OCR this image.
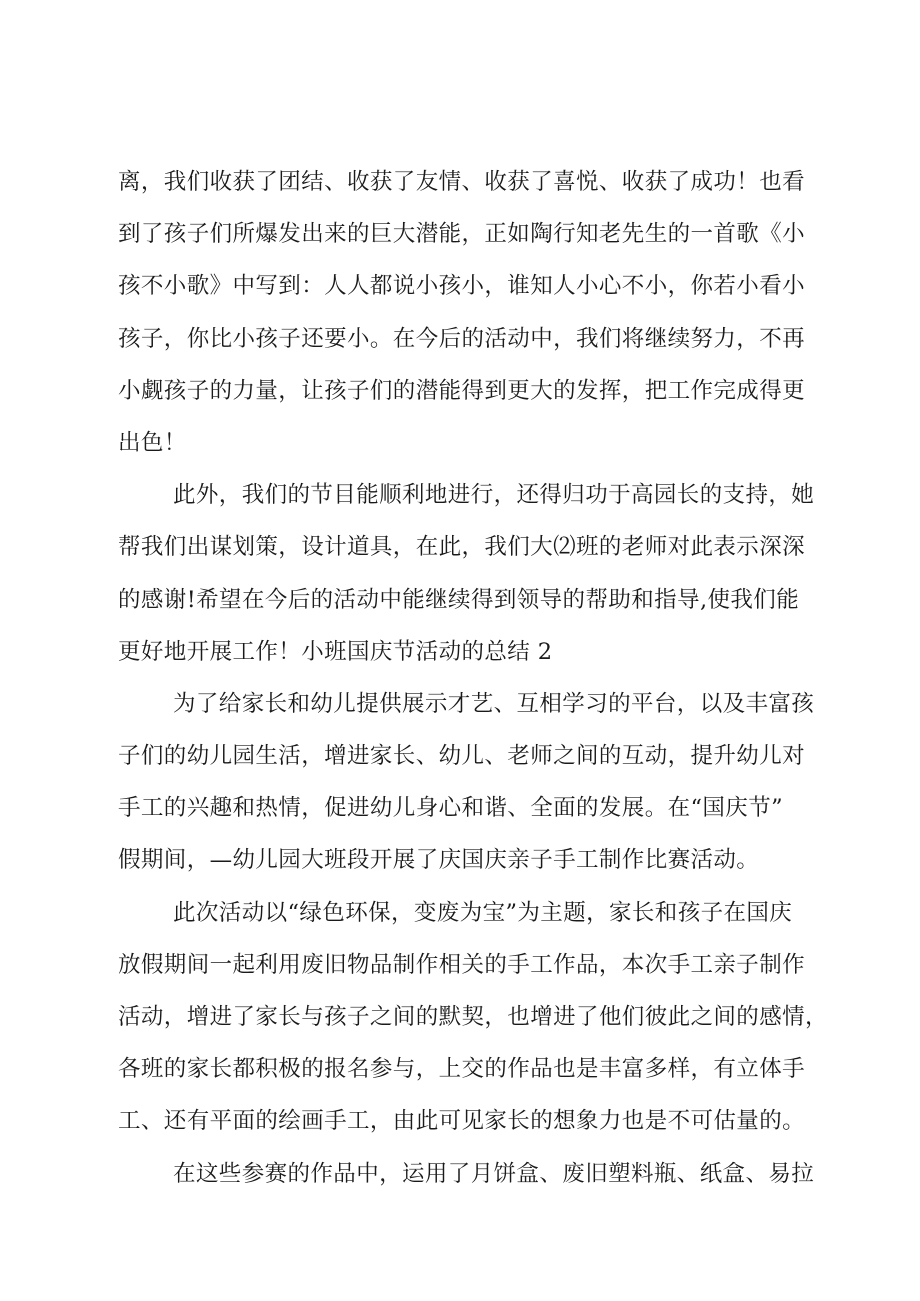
离，我们收获了团结、收获了友情、收获了喜悦、收获了成功！也看
到了孩子们所爆发出来的巨大潜能，正如陶行知老先生的一首歌《小
孩不小歌》中写到：人人都说小孩小，谁知人小心不小，你若小看小
孩子，你比小孩子还要小。在今后的活动中，我们将继续努力，不再
小觑孩子的力量，让孩子们的潜能得到更大的发挥，把工作完成得更
出色！
此外，我们的节目能顺利地进行，还得归功于高园长的支持，她
帮我们出谋划策，设计道具，在此，我们大⑵班的老师对此表示深深
的感谢!希望在今后的活动中能继续得到领导的帮助和指导,使我们能
更好地开展工作！小班国庆节活动的总结 2
为了给家长和幼儿提供展示才艺、互相学习的平台，以及丰富孩
子们的幼儿园生活，增进家长、幼儿、老师之间的互动，提升幼儿对
手工的兴趣和热情，促进幼儿身心和谐、全面的发展。在“国庆节”
假期间，—幼儿园大班段开展了庆国庆亲子手工制作比赛活动。
此次活动以“绿色环保，变废为宝”为主题，家长和孩子在国庆
放假期间一起利用废旧物品制作相关的手工作品，本次手工亲子制作
活动，增进了家长与孩子之间的默契，也增进了他们彼此之间的感情，
各班的家长都积极的报名参与，上交的作品也是丰富多样，有立体手
工、还有平面的绘画手工，由此可见家长的想象力也是不可估量的。
在这些参赛的作品中，运用了月饼盒、废旧塑料瓶、纸盒、易拉
